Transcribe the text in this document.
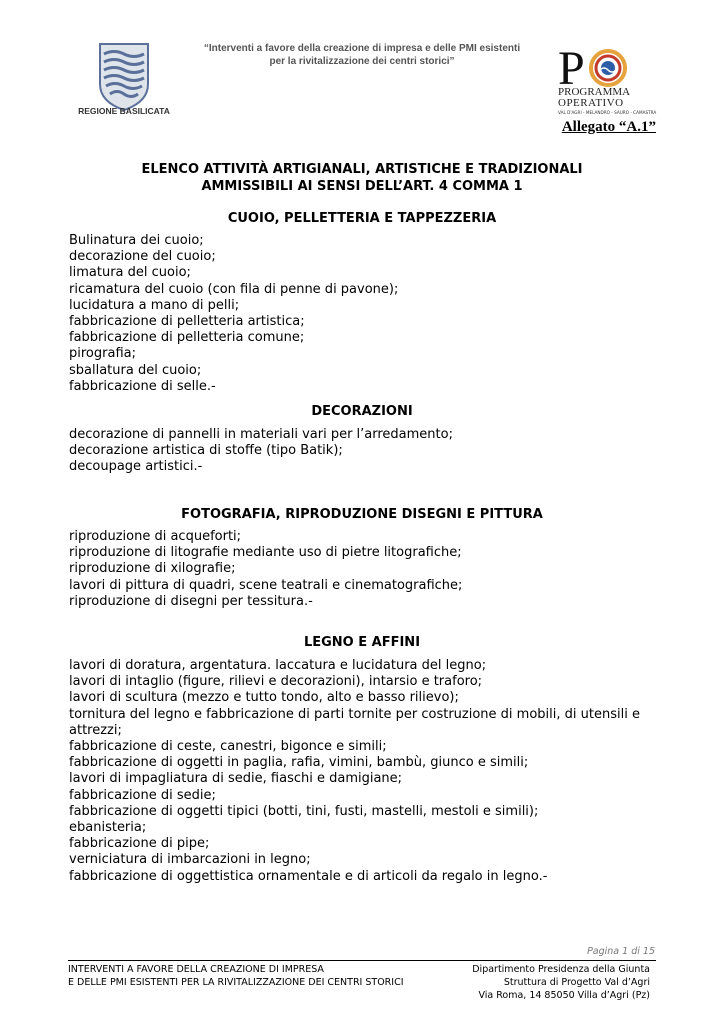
REGIONE BASILICATA
“Interventi a favore della creazione di impresa e delle PMI esistenti
per la rivitalizzazione dei centri storici”	P
PROGRAMMA
OPERATIVO
VAL D'AGRI - MELANDRO - SAURO - CAMASTRA
Allegato “A.1”
ELENCO ATTIVITÀ ARTIGIANALI, ARTISTICHE E TRADIZIONALI
AMMISSIBILI AI SENSI DELL’ART. 4 COMMA 1
CUOIO, PELLETTERIA E TAPPEZZERIA
Bulinatura dei cuoio;
decorazione del cuoio;
limatura del cuoio;
ricamatura del cuoio (con fila di penne di pavone);
lucidatura a mano di pelli;
fabbricazione di pelletteria artistica;
fabbricazione di pelletteria comune;
pirografia;
sballatura del cuoio;
fabbricazione di selle.-
DECORAZIONI
decorazione di pannelli in materiali vari per l’arredamento;
decorazione artistica di stoffe (tipo Batik);
decoupage artistici.-
FOTOGRAFIA, RIPRODUZIONE DISEGNI E PITTURA
riproduzione di acqueforti;
riproduzione di litografie mediante uso di pietre litografiche;
riproduzione di xilografie;
lavori di pittura di quadri, scene teatrali e cinematografiche;
riproduzione di disegni per tessitura.-
LEGNO E AFFINI
lavori di doratura, argentatura. laccatura e lucidatura del legno;
lavori di intaglio (figure, rilievi e decorazioni), intarsio e traforo;
lavori di scultura (mezzo e tutto tondo, alto e basso rilievo);
tornitura del legno e fabbricazione di parti tornite per costruzione di mobili, di utensili e attrezzi;
fabbricazione di ceste, canestri, bigonce e simili;
fabbricazione di oggetti in paglia, rafia, vimini, bambù, giunco e simili;
lavori di impagliatura di sedie, fiaschi e damigiane;
fabbricazione di sedie;
fabbricazione di oggetti tipici (botti, tini, fusti, mastelli, mestoli e simili);
ebanisteria;
fabbricazione di pipe;
verniciatura di imbarcazioni in legno;
fabbricazione di oggettistica ornamentale e di articoli da regalo in legno.-
Pagina 1 di 15
INTERVENTI A FAVORE DELLA CREAZIONE DI IMPRESA
E DELLE PMI ESISTENTI PER LA RIVITALIZZAZIONE DEI CENTRI STORICI
Dipartimento Presidenza della Giunta
Struttura di Progetto Val d’Agri
Via Roma, 14 85050 Villa d’Agri (Pz)
